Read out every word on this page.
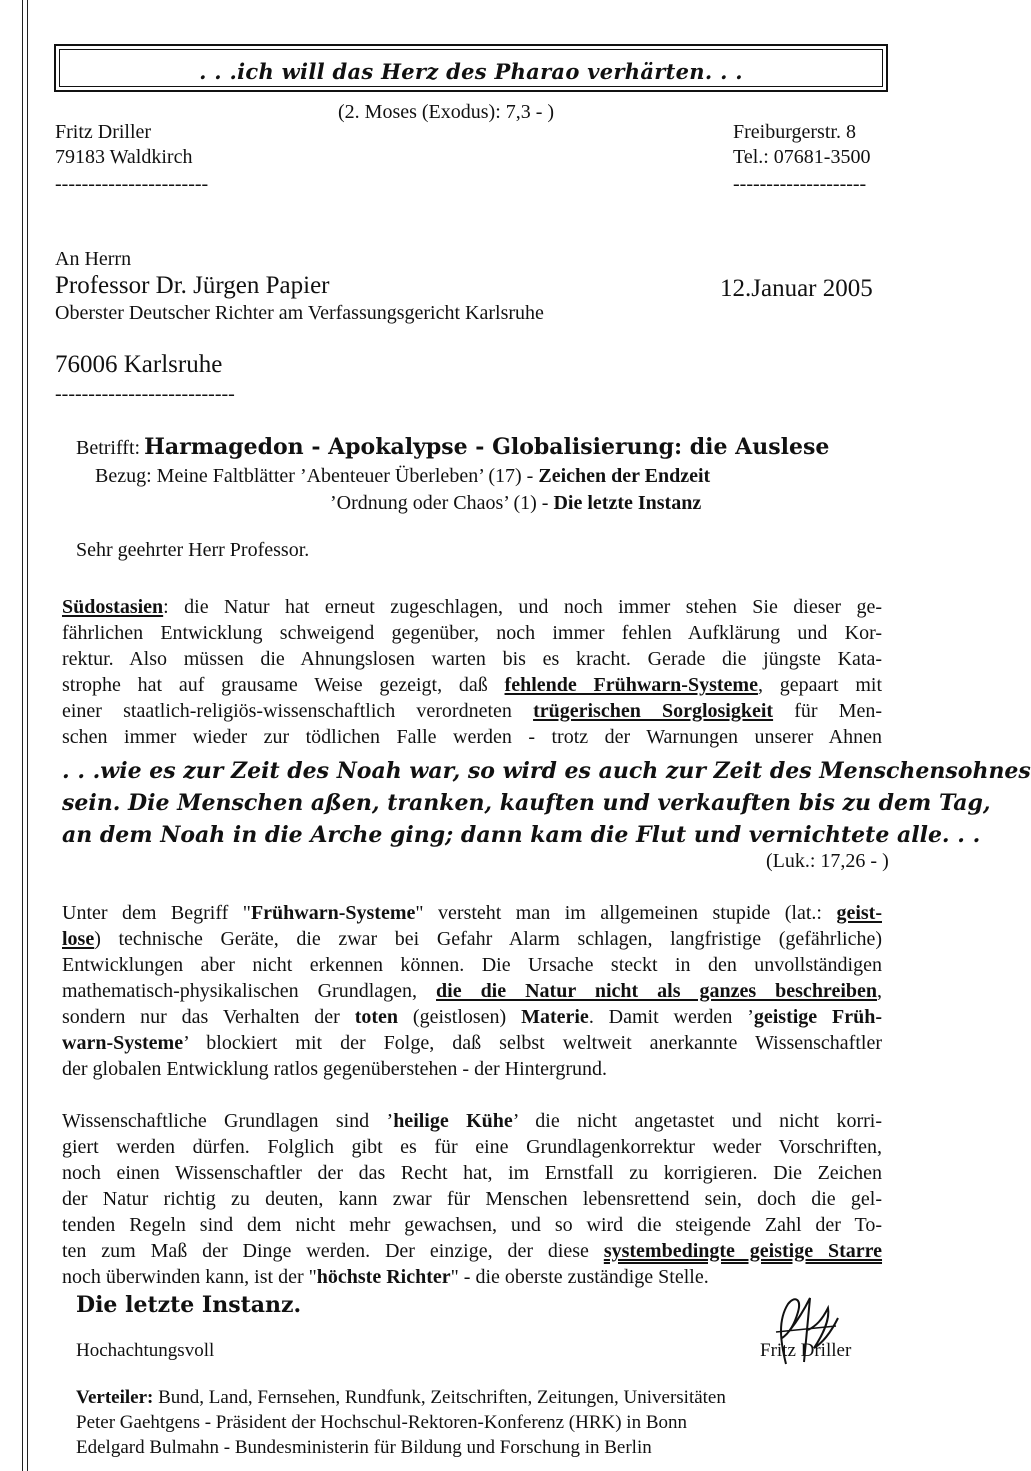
. . .ich will das Herz des Pharao verhärten. . .
(2. Moses (Exodus): 7,3 - )
Fritz Driller
79183 Waldkirch
-----------------------
Freiburgerstr. 8
Tel.: 07681-3500
--------------------
An Herrn
Professor Dr. Jürgen Papier	12.Januar 2005
Oberster Deutscher Richter am Verfassungsgericht Karlsruhe
76006 Karlsruhe
---------------------------
Betrifft: Harmagedon - Apokalypse - Globalisierung: die Auslese
Bezug: Meine Faltblätter ’Abenteuer Überleben’ (17) - Zeichen der Endzeit
’Ordnung oder Chaos’ (1) - Die letzte Instanz
Sehr geehrter Herr Professor.
Südostasien: die Natur hat erneut zugeschlagen, und noch immer stehen Sie dieser ge-
fährlichen Entwicklung schweigend gegenüber, noch immer fehlen Aufklärung und Kor-
rektur. Also müssen die Ahnungslosen warten bis es kracht. Gerade die jüngste Kata-
strophe hat auf grausame Weise gezeigt, daß fehlende Frühwarn-Systeme, gepaart mit
einer staatlich-religiös-wissenschaftlich verordneten trügerischen Sorglosigkeit für Men-
schen immer wieder zur tödlichen Falle werden - trotz der Warnungen unserer Ahnen
. . .wie es zur Zeit des Noah war, so wird es auch zur Zeit des Menschensohnes
sein. Die Menschen aßen, tranken, kauften und verkauften bis zu dem Tag,
an dem Noah in die Arche ging; dann kam die Flut und vernichtete alle. . .
(Luk.: 17,26 - )
Unter dem Begriff "Frühwarn-Systeme" versteht man im allgemeinen stupide (lat.: geist-
lose) technische Geräte, die zwar bei Gefahr Alarm schlagen, langfristige (gefährliche)
Entwicklungen aber nicht erkennen können. Die Ursache steckt in den unvollständigen
mathematisch-physikalischen Grundlagen, die die Natur nicht als ganzes beschreiben,
sondern nur das Verhalten der toten (geistlosen) Materie. Damit werden ’geistige Früh-
warn-Systeme’ blockiert mit der Folge, daß selbst weltweit anerkannte Wissenschaftler
der globalen Entwicklung ratlos gegenüberstehen - der Hintergrund.
Wissenschaftliche Grundlagen sind ’heilige Kühe’ die nicht angetastet und nicht korri-
giert werden dürfen. Folglich gibt es für eine Grundlagenkorrektur weder Vorschriften,
noch einen Wissenschaftler der das Recht hat, im Ernstfall zu korrigieren. Die Zeichen
der Natur richtig zu deuten, kann zwar für Menschen lebensrettend sein, doch die gel-
tenden Regeln sind dem nicht mehr gewachsen, und so wird die steigende Zahl der To-
ten zum Maß der Dinge werden. Der einzige, der diese systembedingte geistige Starre
noch überwinden kann, ist der "höchste Richter" - die oberste zuständige Stelle.
Die letzte Instanz.
Hochachtungsvoll	Fritz Driller
Verteiler: Bund, Land, Fernsehen, Rundfunk, Zeitschriften, Zeitungen, Universitäten
Peter Gaehtgens - Präsident der Hochschul-Rektoren-Konferenz (HRK) in Bonn
Edelgard Bulmahn - Bundesministerin für Bildung und Forschung in Berlin
